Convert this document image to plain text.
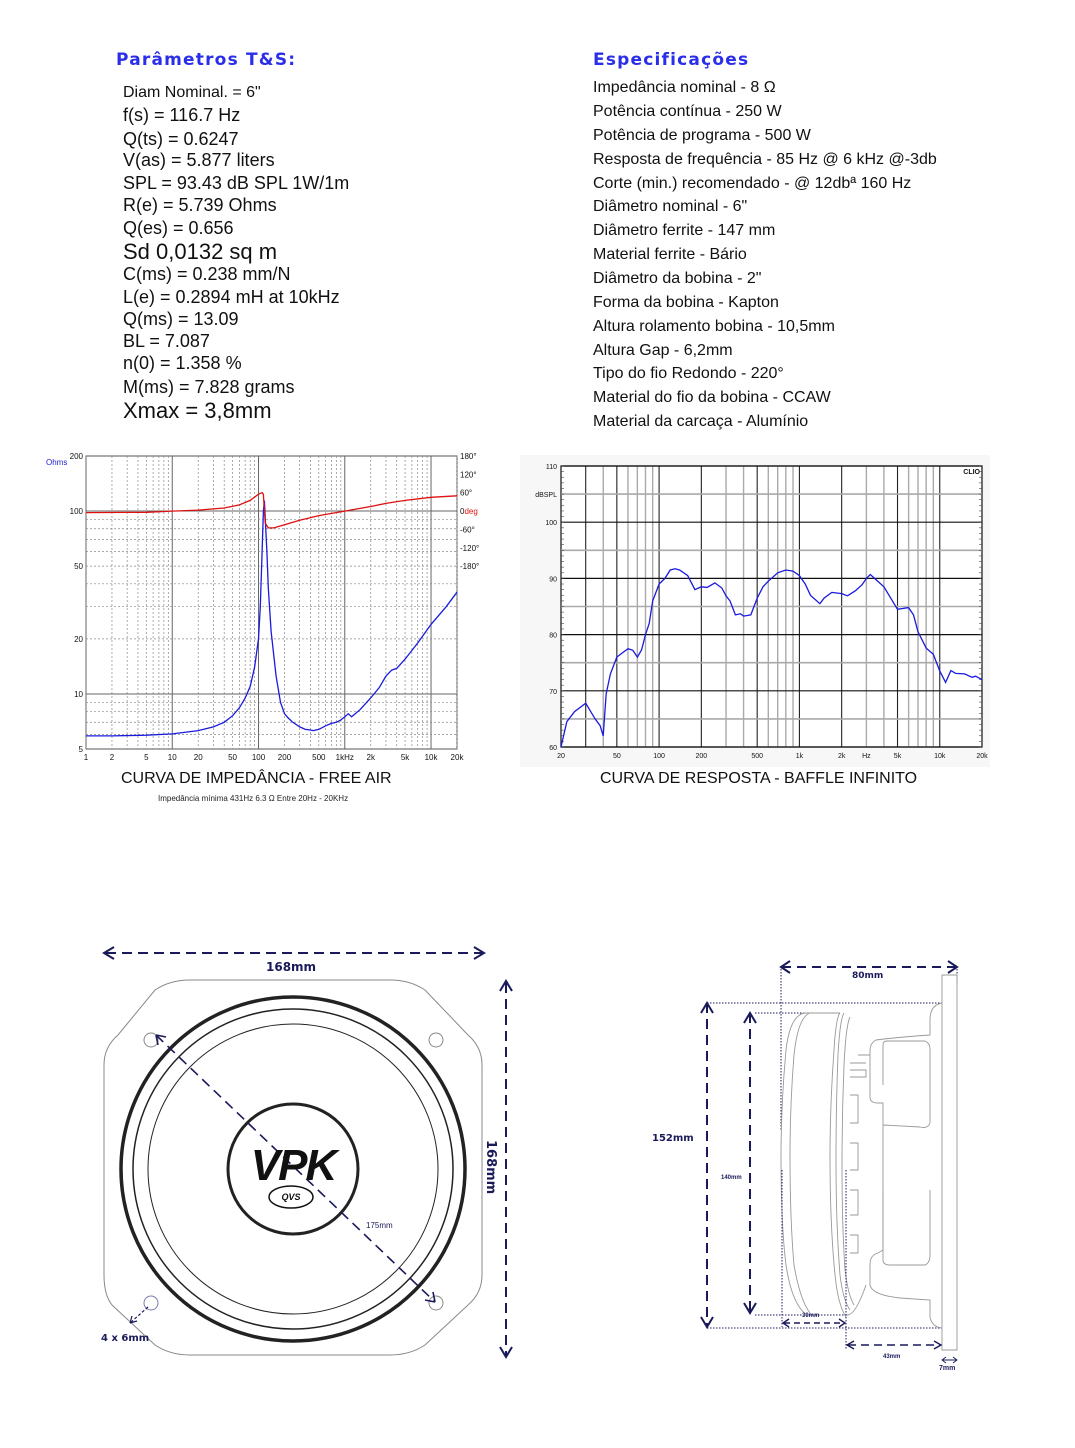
Parâmetros T&S:
Diam Nominal. = 6"
f(s) = 116.7 Hz
Q(ts) = 0.6247
V(as) = 5.877 liters
SPL = 93.43 dB SPL 1W/1m
R(e) = 5.739 Ohms
Q(es) = 0.656
Sd 0,0132 sq m
C(ms) = 0.238 mm/N
L(e) = 0.2894 mH at 10kHz
Q(ms) = 13.09
BL = 7.087
n(0) = 1.358 %
M(ms) = 7.828 grams
Xmax = 3,8mm
Especificações
Impedância nominal - 8 Ω
Potência contínua - 250 W
Potência de programa - 500 W
Resposta de frequência - 85 Hz @ 6 kHz @-3db
Corte (min.) recomendado - @ 12dbª 160 Hz
Diâmetro nominal - 6"
Diâmetro ferrite - 147 mm
Material ferrite - Bário
Diâmetro da bobina - 2"
Forma da bobina - Kapton
Altura rolamento bobina - 10,5mm
Altura Gap - 6,2mm
Tipo do fio Redondo - 220°
Material do fio da bobina - CCAW
Material da carcaça - Alumínio
5
10
20
50
100
200
Ohms
1	2	5 10 20	50 100 200	500 1kHz 2k	5k 10k 20k
180°
120°
60°
0deg
-60°
-120°
-180°
CURVA DE IMPEDÂNCIA - FREE AIR
Impedância mínima 431Hz 6.3 Ω Entre 20Hz - 20KHz
60
70
80
90
100
110
dBSPL
20	50	100	200	500	1k	2k Hz	5k	10k	20k
CLIO
CURVA DE RESPOSTA - BAFFLE INFINITO
168mm
168mm
175mm
4 x 6mm
VPK
QVS
80mm
152mm
140mm
30mm
43mm
7mm
